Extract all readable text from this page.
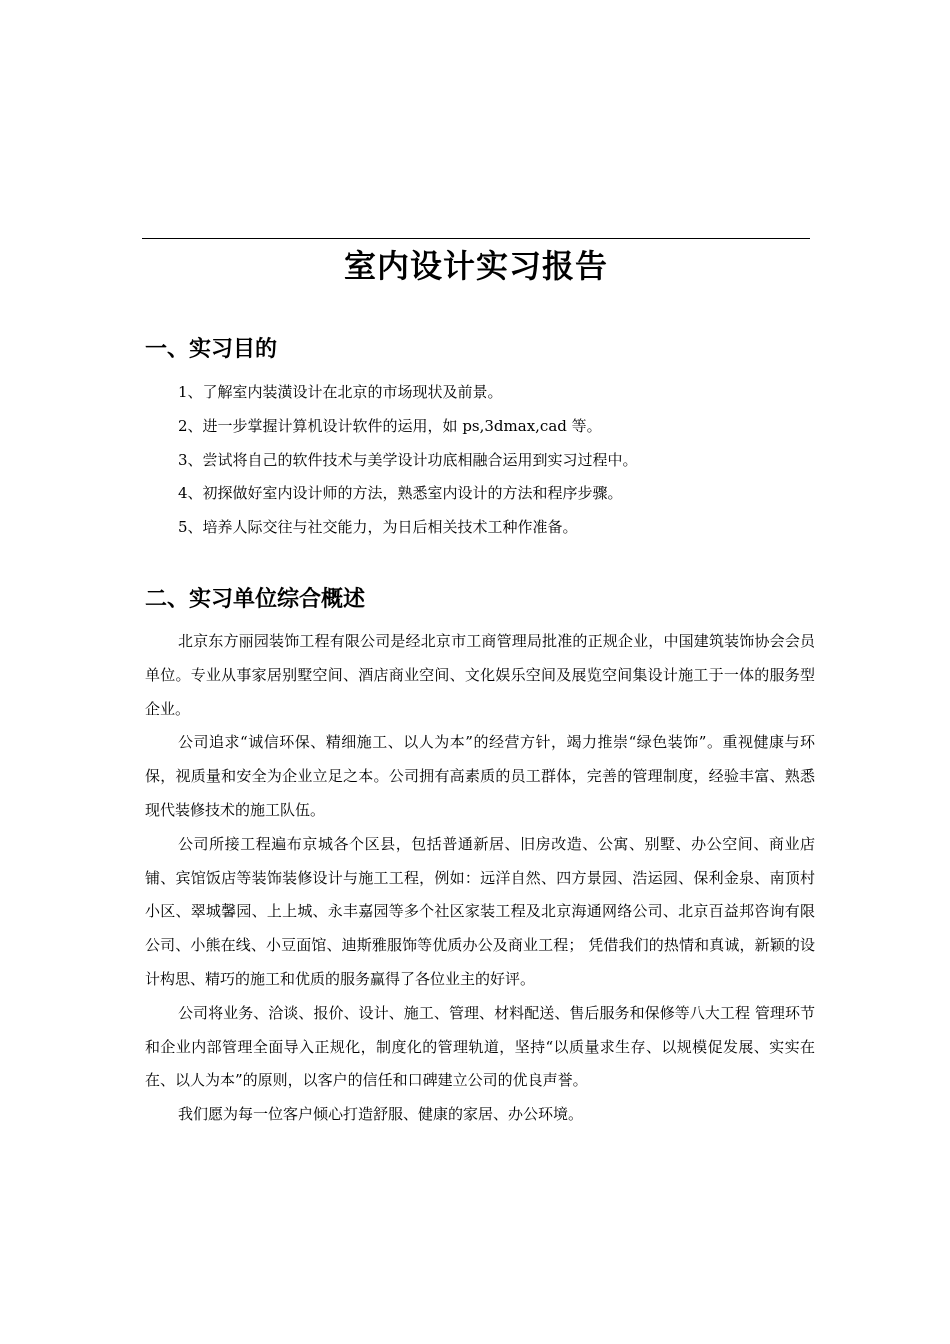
室内设计实习报告
一、实习目的
1、了解室内装潢设计在北京的市场现状及前景。
2、进一步掌握计算机设计软件的运用，如 ps,3dmax,cad 等。
3、尝试将自己的软件技术与美学设计功底相融合运用到实习过程中。
4、初探做好室内设计师的方法，熟悉室内设计的方法和程序步骤。
5、培养人际交往与社交能力，为日后相关技术工种作准备。
二、实习单位综合概述

北京东方丽园装饰工程有限公司是经北京市工商管理局批准的正规企业，中国建筑装饰协会会员单位。专业从事家居别墅空间、酒店商业空间、文化娱乐空间及展览空间集设计施工于一体的服务型企业。

公司追求“诚信环保、精细施工、以人为本”的经营方针，竭力推崇“绿色装饰”。重视健康与环保，视质量和安全为企业立足之本。公司拥有高素质的员工群体，完善的管理制度，经验丰富、熟悉现代装修技术的施工队伍。

公司所接工程遍布京城各个区县，包括普通新居、旧房改造、公寓、别墅、办公空间、商业店铺、宾馆饭店等装饰装修设计与施工工程，例如：远洋自然、四方景园、浩运园、保利金泉、南顶村小区、翠城馨园、上上城、永丰嘉园等多个社区家装工程及北京海通网络公司、北京百益邦咨询有限公司、小熊在线、小豆面馆、迪斯雅服饰等优质办公及商业工程； 凭借我们的热情和真诚，新颖的设计构思、精巧的施工和优质的服务赢得了各位业主的好评。

公司将业务、洽谈、报价、设计、施工、管理、材料配送、售后服务和保修等八大工程 管理环节和企业内部管理全面导入正规化，制度化的管理轨道，坚持“以质量求生存、以规模促发展、实实在在、以人为本”的原则，以客户的信任和口碑建立公司的优良声誉。

我们愿为每一位客户倾心打造舒服、健康的家居、办公环境。
